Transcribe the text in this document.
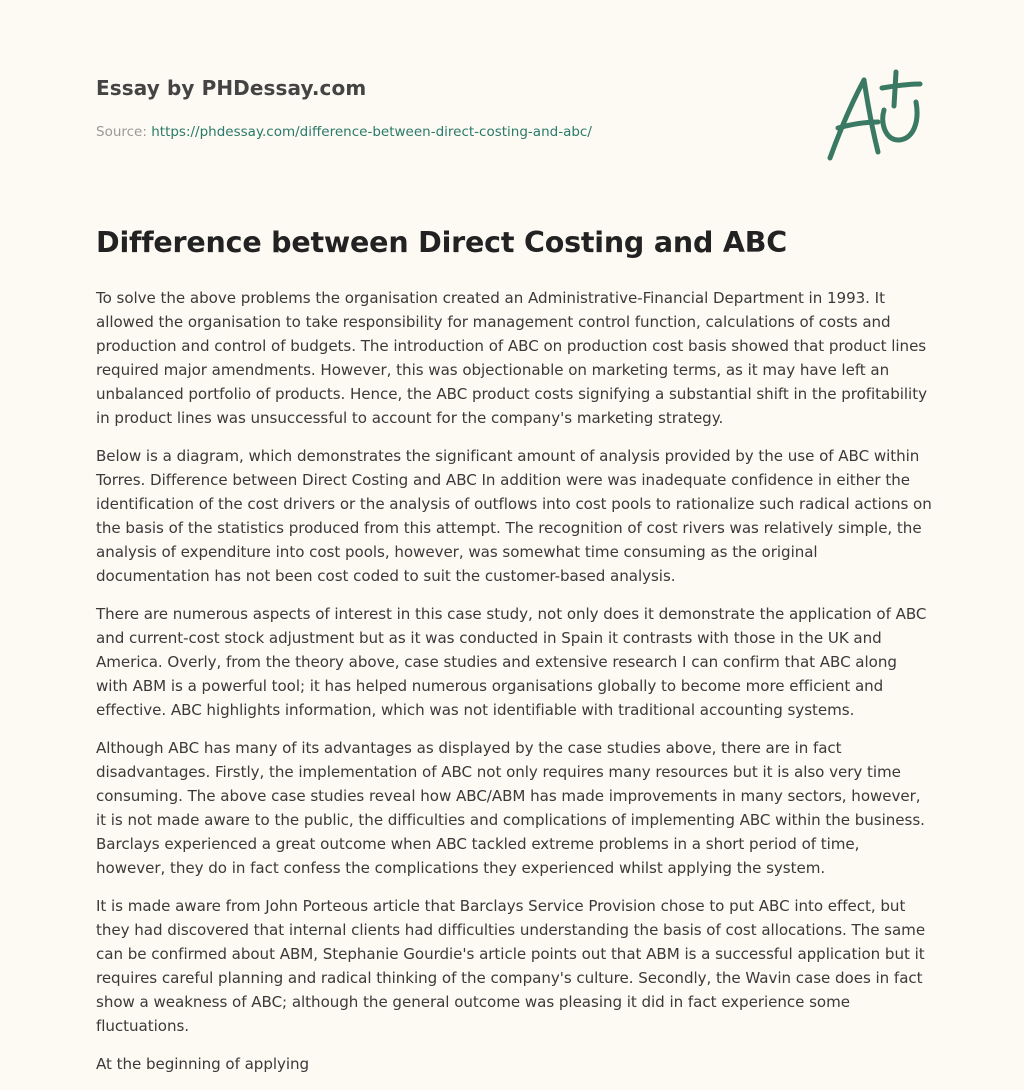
Essay by PHDessay.com
Source: https://phdessay.com/difference-between-direct-costing-and-abc/
Difference between Direct Costing and ABC

To solve the above problems the organisation created an Administrative-Financial Department in 1993. It allowed the organisation to take responsibility for management control function, calculations of costs and production and control of budgets. The introduction of ABC on production cost basis showed that product lines required major amendments. However, this was objectionable on marketing terms, as it may have left an unbalanced portfolio of products. Hence, the ABC product costs signifying a substantial shift in the profitability in product lines was unsuccessful to account for the company's marketing strategy.

Below is a diagram, which demonstrates the significant amount of analysis provided by the use of ABC within Torres. Difference between Direct Costing and ABC In addition were was inadequate confidence in either the identification of the cost drivers or the analysis of outflows into cost pools to rationalize such radical actions on the basis of the statistics produced from this attempt. The recognition of cost rivers was relatively simple, the analysis of expenditure into cost pools, however, was somewhat time consuming as the original documentation has not been cost coded to suit the customer-based analysis.

There are numerous aspects of interest in this case study, not only does it demonstrate the application of ABC and current-cost stock adjustment but as it was conducted in Spain it contrasts with those in the UK and America. Overly, from the theory above, case studies and extensive research I can confirm that ABC along with ABM is a powerful tool; it has helped numerous organisations globally to become more efficient and effective. ABC highlights information, which was not identifiable with traditional accounting systems.

Although ABC has many of its advantages as displayed by the case studies above, there are in fact disadvantages. Firstly, the implementation of ABC not only requires many resources but it is also very time consuming. The above case studies reveal how ABC/ABM has made improvements in many sectors, however, it is not made aware to the public, the difficulties and complications of implementing ABC within the business. Barclays experienced a great outcome when ABC tackled extreme problems in a short period of time, however, they do in fact confess the complications they experienced whilst applying the system.

It is made aware from John Porteous article that Barclays Service Provision chose to put ABC into effect, but they had discovered that internal clients had difficulties understanding the basis of cost allocations. The same can be confirmed about ABM, Stephanie Gourdie's article points out that ABM is a successful application but it requires careful planning and radical thinking of the company's culture. Secondly, the Wavin case does in fact show a weakness of ABC; although the general outcome was pleasing it did in fact experience some fluctuations.

At the beginning of applying
